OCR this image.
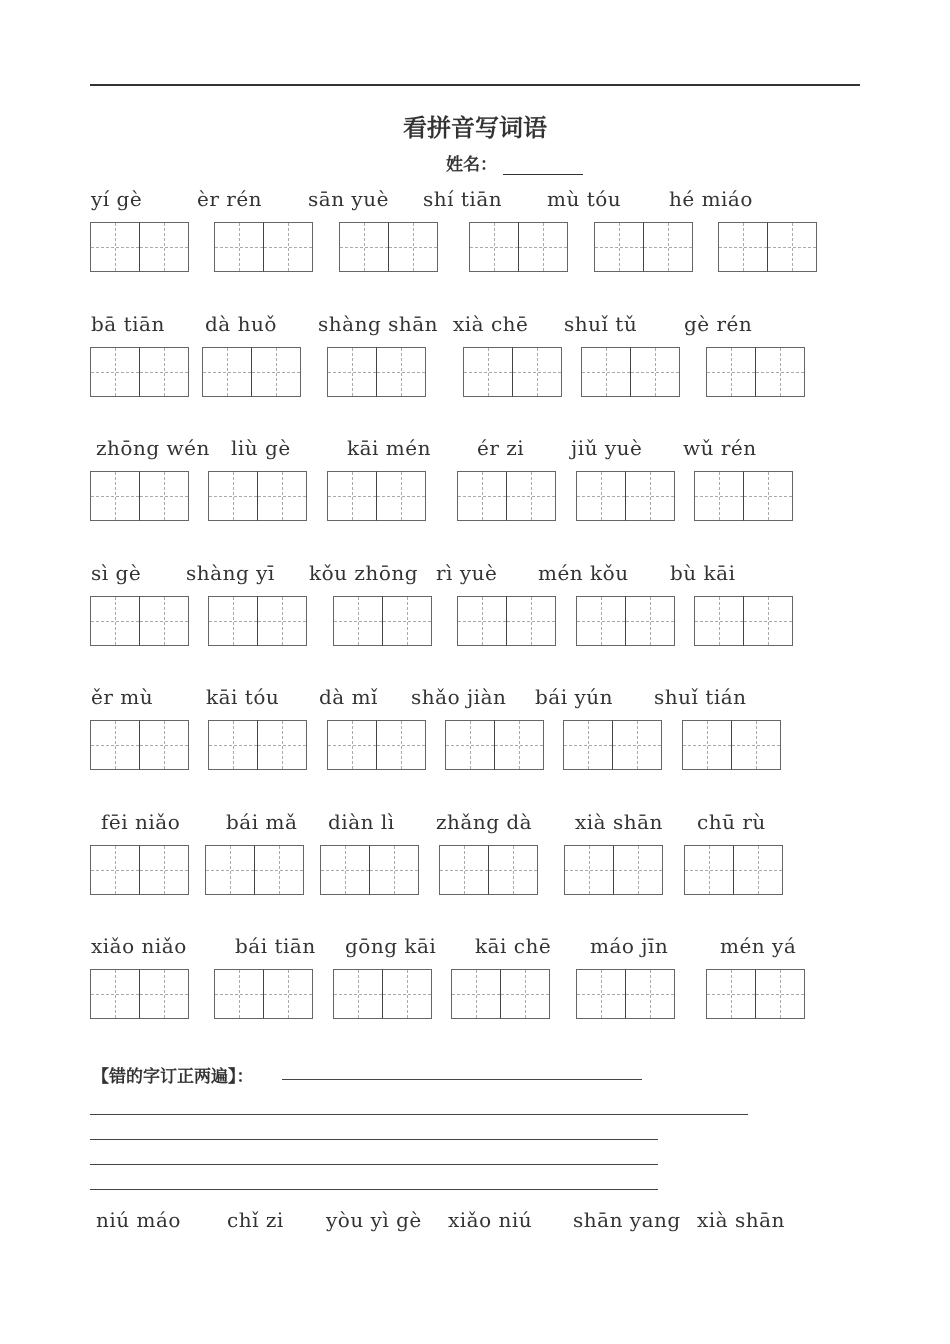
看拼音写词语
姓名：
yí gè	èr rén sān yuè shí tiān mù tóu hé miáo
bā tiān dà huǒ shàng shān xià chē shuǐ tǔ gè rén
zhōng wén liù gè	kāi mén ér zi jiǔ yuè wǔ rén
sì gè shàng yī kǒu zhōng rì yuè mén kǒu bù kāi
ěr mù	kāi tóu dà mǐ shǎo jiàn bái yún shuǐ tián
fēi niǎo bái mǎ diàn lì zhǎng dà xià shān chū rù
xiǎo niǎo bái tiān gōng kāi kāi chē máo jīn	mén yá
【错的字订正两遍】：
niú máo chǐ zi yòu yì gè xiǎo niú shān yang xià shān
